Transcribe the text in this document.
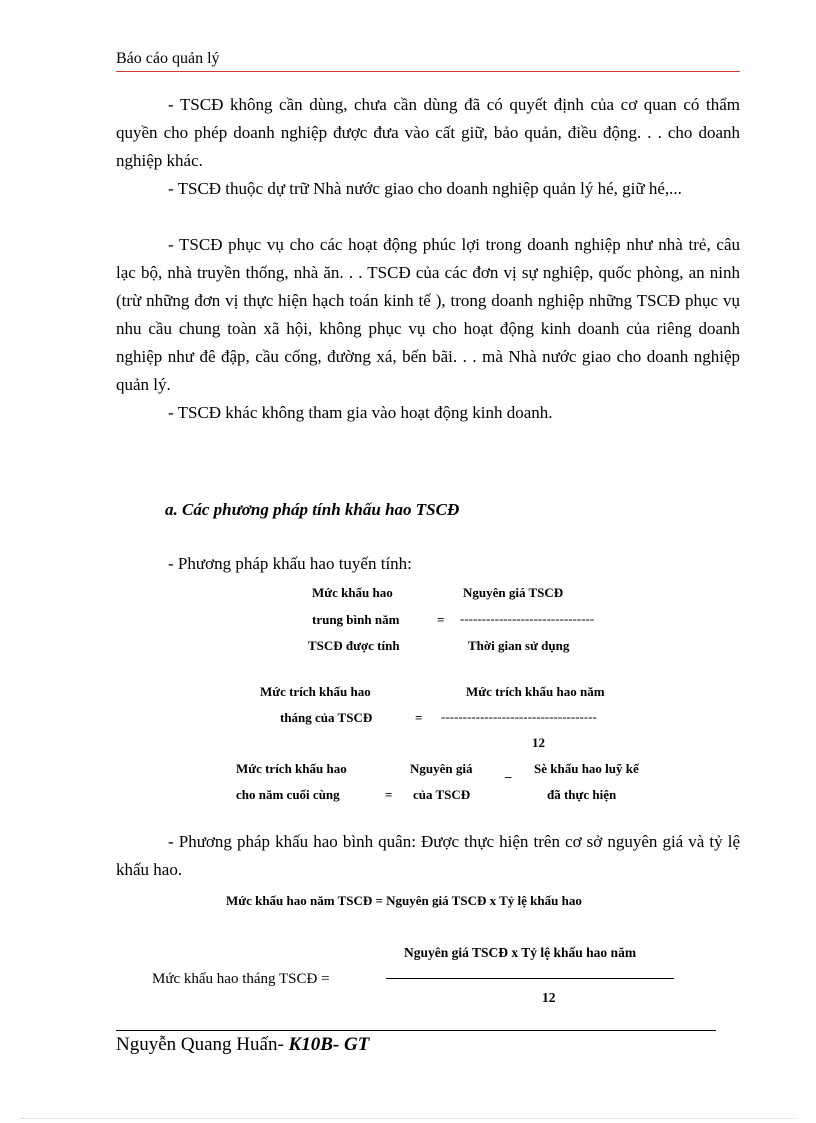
Báo cáo quản lý

- TSCĐ không cần dùng, chưa cần dùng đã có quyết định của cơ quan có thẩm quyền cho phép doanh nghiệp được đưa vào cất giữ, bảo quản, điều động. . . cho doanh nghiệp khác.

- TSCĐ thuộc dự trữ Nhà nước giao cho doanh nghiệp quản lý hé, giữ hé,...

- TSCĐ phục vụ cho các hoạt động phúc lợi trong doanh nghiệp như nhà trẻ, câu lạc bộ, nhà truyền thống, nhà ăn. . . TSCĐ của các đơn vị sự nghiệp, quốc phòng, an ninh (trừ những đơn vị thực hiện hạch toán kinh tế ), trong doanh nghiệp những TSCĐ phục vụ nhu cầu chung toàn xã hội, không phục vụ cho hoạt động kinh doanh của riêng doanh nghiệp như đê đập, cầu cống, đường xá, bến bãi. . . mà Nhà nước giao cho doanh nghiệp quản lý.

- TSCĐ khác không tham gia vào hoạt động kinh doanh.

a. Các phương pháp tính khấu hao TSCĐ
- Phương pháp khấu hao tuyến tính:
Mức khấu hao
trung bình năm
TSCĐ được tính
=
Nguyên giá TSCĐ
-------------------------------
Thời gian sử dụng
Mức trích khấu hao
tháng của TSCĐ	=
Mức trích khấu hao năm
------------------------------------
12
Mức trích khấu hao
cho năm cuối cùng	=
Nguyên giá
của TSCĐ
_ Sè khấu hao luỹ kế
đã thực hiện

- Phương pháp khấu hao bình quân: Được thực hiện trên cơ sở nguyên giá và tỷ lệ khấu hao.

Mức khấu hao năm TSCĐ = Nguyên giá TSCĐ x Tỷ lệ khấu hao
Nguyên giá TSCĐ x Tỷ lệ khấu hao năm
Mức khấu hao tháng TSCĐ =
12
Nguyễn Quang Huấn- K10B- GT
